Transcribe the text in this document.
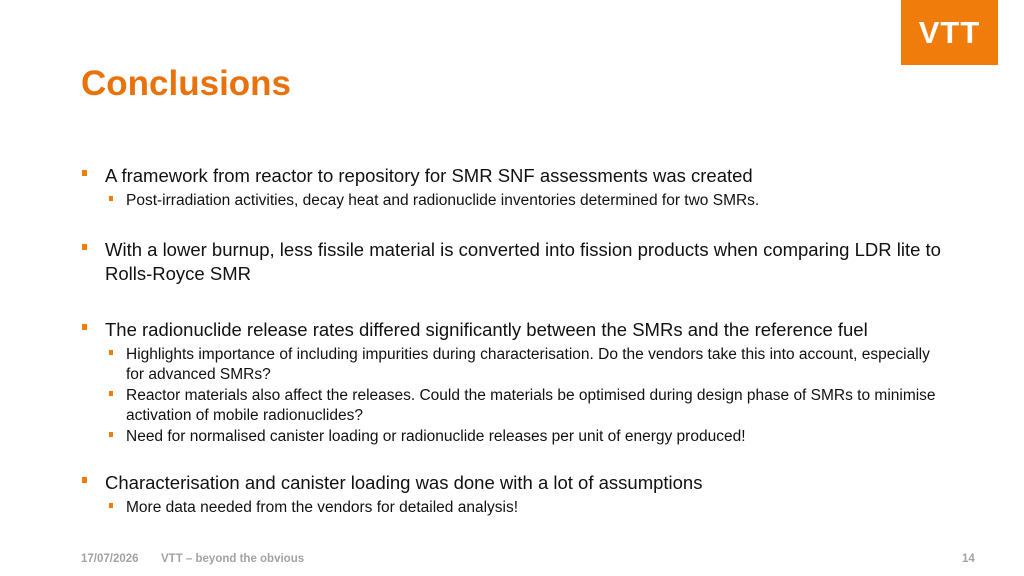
VTT
Conclusions
A framework from reactor to repository for SMR SNF assessments was created
Post-irradiation activities, decay heat and radionuclide inventories determined for two SMRs.
With a lower burnup, less fissile material is converted into fission products when comparing LDR lite to Rolls-Royce SMR
The radionuclide release rates differed significantly between the SMRs and the reference fuel
Highlights importance of including impurities during characterisation. Do the vendors take this into account, especially for advanced SMRs?
Reactor materials also affect the releases. Could the materials be optimised during design phase of SMRs to minimise activation of mobile radionuclides?
Need for normalised canister loading or radionuclide releases per unit of energy produced!
Characterisation and canister loading was done with a lot of assumptions
More data needed from the vendors for detailed analysis!
17/07/2026 VTT – beyond the obvious	14
